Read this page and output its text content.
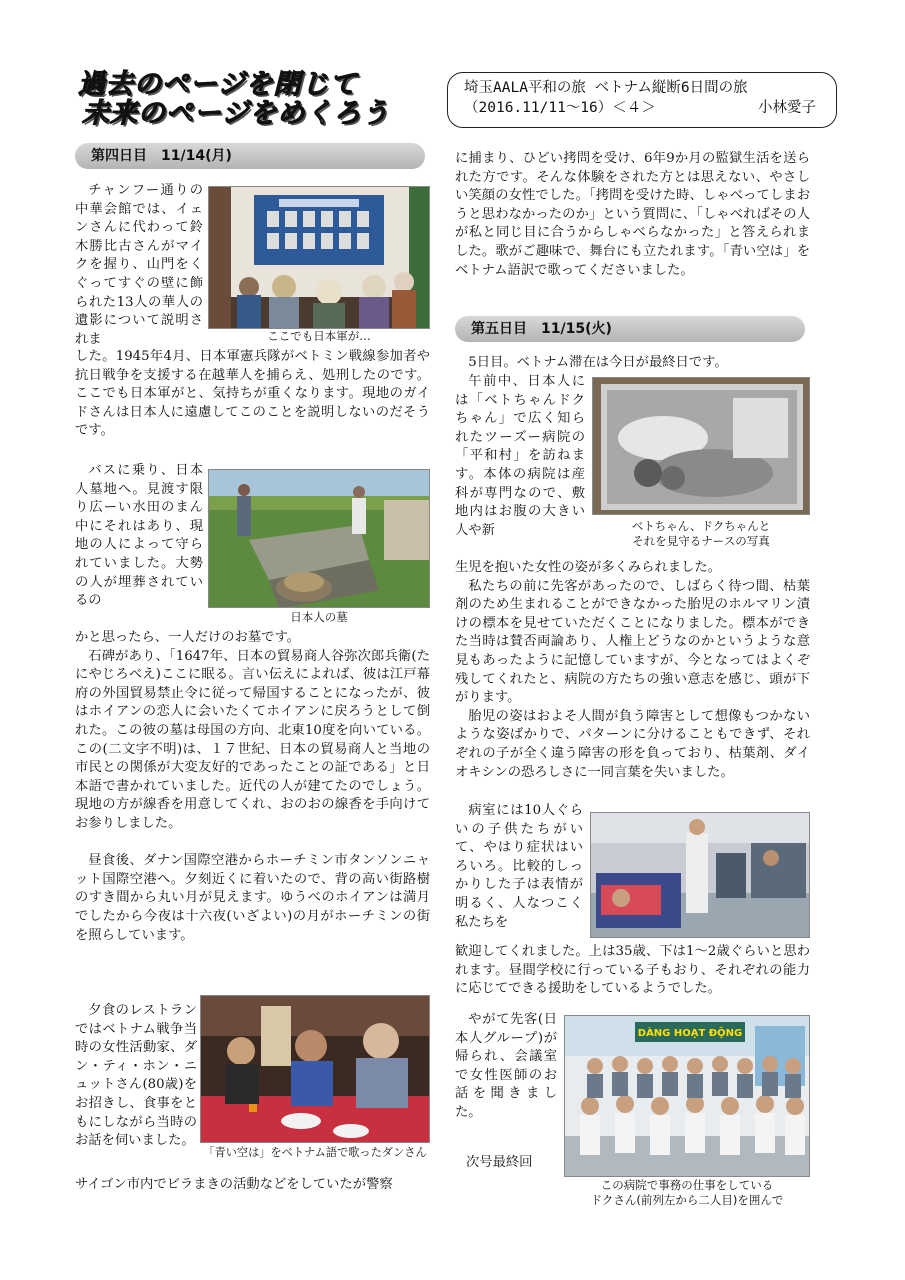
過去のページを閉じて
未来のページをめくろう
埼玉AALA平和の旅 ベトナム縦断6日間の旅
（2016.11/11～16）＜４＞	小林愛子
第四日目　11/14(月)
ここでも日本軍が…

チャンフー通りの中華会館では、イェンさんに代わって鈴木勝比古さんがマイクを握り、山門をくぐってすぐの壁に飾られた13人の華人の遺影について説明されま

した。1945年4月、日本軍憲兵隊がベトミン戦線参加者や抗日戦争を支援する在越華人を捕らえ、処刑したのです。ここでも日本軍がと、気持ちが重くなります。現地のガイドさんは日本人に遠慮してこのことを説明しないのだそうです。

日本人の墓

バスに乗り、日本人墓地へ。見渡す限り広ーい水田のまん中にそれはあり、現地の人によって守られていました。大勢の人が埋葬されているの

かと思ったら、一人だけのお墓です。

石碑があり、「1647年、日本の貿易商人谷弥次郎兵衛(たにやじろべえ)ここに眠る。言い伝えによれば、彼は江戸幕府の外国貿易禁止令に従って帰国することになったが、彼はホイアンの恋人に会いたくてホイアンに戻ろうとして倒れた。この彼の墓は母国の方向、北東10度を向いている。この(二文字不明)は、１７世紀、日本の貿易商人と当地の市民との関係が大変友好的であったことの証である」と日本語で書かれていました。近代の人が建てたのでしょう。現地の方が線香を用意してくれ、おのおの線香を手向けてお参りしました。

昼食後、ダナン国際空港からホーチミン市タンソンニャット国際空港へ。夕刻近くに着いたので、背の高い街路樹のすき間から丸い月が見えます。ゆうべのホイアンは満月でしたから今夜は十六夜(いざよい)の月がホーチミンの街を照らしています。

「青い空は」をベトナム語で歌ったダンさん

夕食のレストランではベトナム戦争当時の女性活動家、ダン・ティ・ホン・ニュットさん(80歳)をお招きし、食事をともにしながら当時のお話を伺いました。

サイゴン市内でビラまきの活動などをしていたが警察

に捕まり、ひどい拷問を受け、6年9か月の監獄生活を送られた方です。そんな体験をされた方とは思えない、やさしい笑顔の女性でした。「拷問を受けた時、しゃべってしまおうと思わなかったのか」という質問に、「しゃべればその人が私と同じ目に合うからしゃべらなかった」と答えられました。歌がご趣味で、舞台にも立たれます。「青い空は」をベトナム語訳で歌ってくださいました。

第五日目　11/15(火)

5日目。ベトナム滞在は今日が最終日です。

ベトちゃん、ドクちゃんと
それを見守るナースの写真

午前中、日本人には「ベトちゃんドクちゃん」で広く知られたツーズー病院の「平和村」を訪ねます。本体の病院は産科が専門なので、敷地内はお腹の大きい人や新

生児を抱いた女性の姿が多くみられました。

私たちの前に先客があったので、しばらく待つ間、枯葉剤のため生まれることができなかった胎児のホルマリン漬けの標本を見せていただくことになりました。標本ができた当時は賛否両論あり、人権上どうなのかというような意見もあったように記憶していますが、今となってはよくぞ残してくれたと、病院の方たちの強い意志を感じ、頭が下がります。

胎児の姿はおよそ人間が負う障害として想像もつかないような姿ばかりで、パターンに分けることもできず、それぞれの子が全く違う障害の形を負っており、枯葉剤、ダイオキシンの恐ろしさに一同言葉を失いました。

病室には10人ぐらいの子供たちがいて、やはり症状はいろいろ。比較的しっかりした子は表情が明るく、人なつこく私たちを

歓迎してくれました。上は35歳、下は1～2歳ぐらいと思われます。昼間学校に行っている子もおり、それぞれの能力に応じてできる援助をしているようでした。

DÀNG HOẠT ĐỘNG
この病院で事務の仕事をしている
ドクさん(前列左から二人目)を囲んで

やがて先客(日本人グループ)が帰られ、会議室で女性医師のお話を聞きました。

次号最終回
